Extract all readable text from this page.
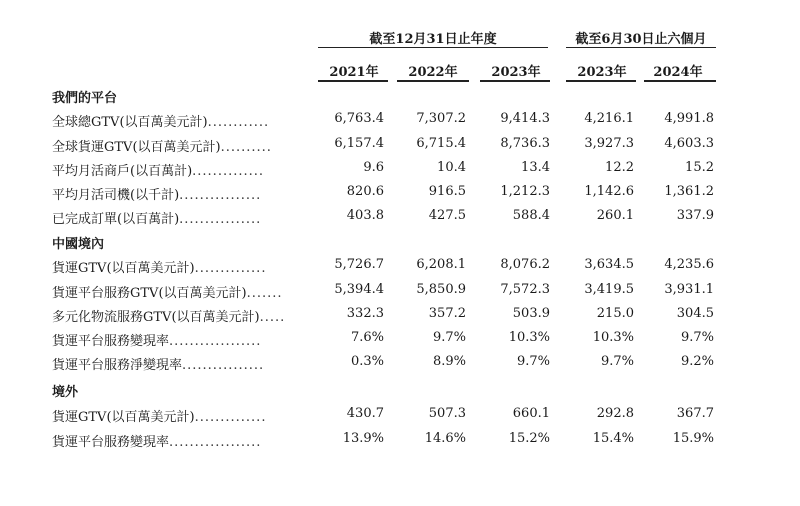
截至12月31日止年度	截至6月30日止六個月
2021年	2022年	2023年	2023年	2024年
我們的平台
全球總GTV(以百萬美元計)............	6,763.4	7,307.2	9,414.3	4,216.1	4,991.8
全球貨運GTV(以百萬美元計)..........	6,157.4	6,715.4	8,736.3	3,927.3	4,603.3
平均月活商戶(以百萬計)..............	9.6	10.4	13.4	12.2	15.2
平均月活司機(以千計)................	820.6	916.5	1,212.3	1,142.6	1,361.2
已完成訂單(以百萬計)................	403.8	427.5	588.4	260.1	337.9
中國境內
貨運GTV(以百萬美元計)..............	5,726.7	6,208.1	8,076.2	3,634.5	4,235.6
貨運平台服務GTV(以百萬美元計).......	5,394.4	5,850.9	7,572.3	3,419.5	3,931.1
多元化物流服務GTV(以百萬美元計).....	332.3	357.2	503.9	215.0	304.5
貨運平台服務變現率..................	7.6%	9.7%	10.3%	10.3%	9.7%
貨運平台服務淨變現率................	0.3%	8.9%	9.7%	9.7%	9.2%
境外
貨運GTV(以百萬美元計)..............	430.7	507.3	660.1	292.8	367.7
貨運平台服務變現率..................	13.9%	14.6%	15.2%	15.4%	15.9%
